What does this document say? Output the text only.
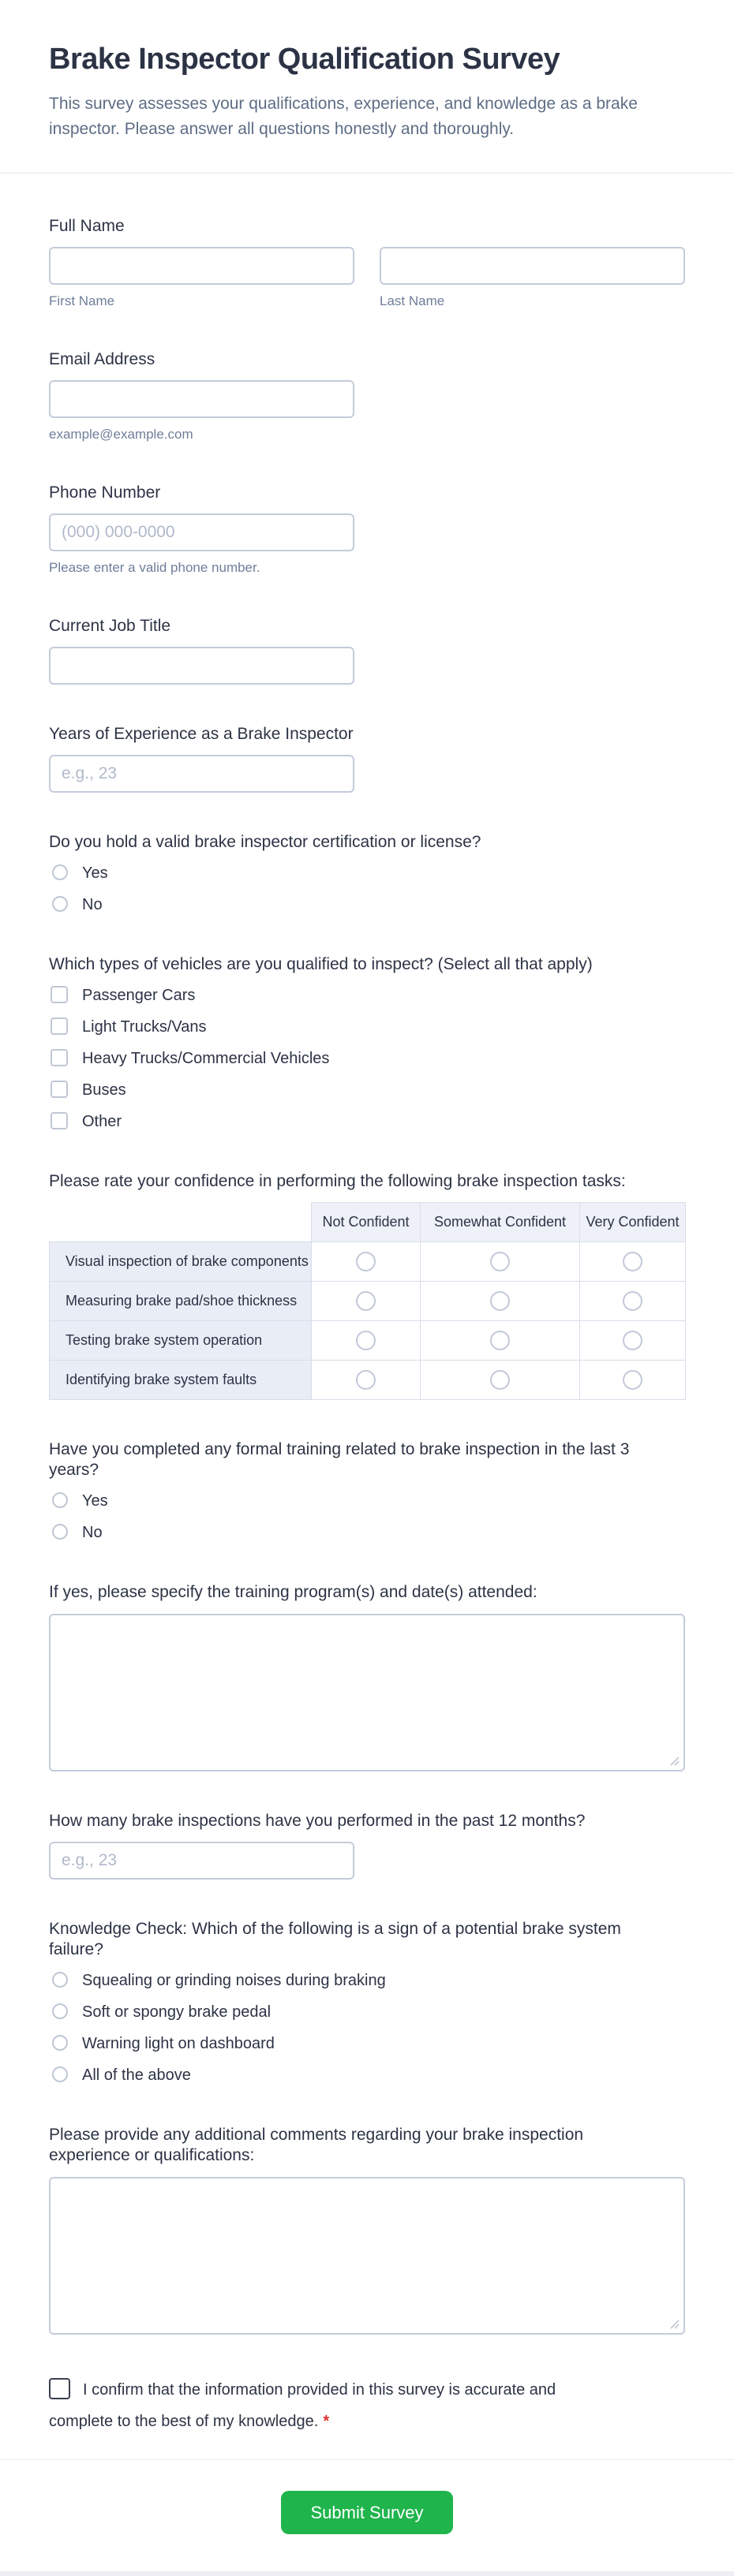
Brake Inspector Qualification Survey

This survey assesses your qualifications, experience, and knowledge as a brake inspector. Please answer all questions honestly and thoroughly.

Full Name
First Name	Last Name
Email Address
example@example.com
Phone Number
(000) 000-0000
Please enter a valid phone number.
Current Job Title
Years of Experience as a Brake Inspector
e.g., 23
Do you hold a valid brake inspector certification or license?
Yes
No
Which types of vehicles are you qualified to inspect? (Select all that apply)
Passenger Cars
Light Trucks/Vans
Heavy Trucks/Commercial Vehicles
Buses
Other
Please rate your confidence in performing the following brake inspection tasks:
	Not Confident	Somewhat Confident	Very Confident
Visual inspection of brake components			
Measuring brake pad/shoe thickness			
Testing brake system operation			
Identifying brake system faults			
Have you completed any formal training related to brake inspection in the last 3 years?
Yes
No
If yes, please specify the training program(s) and date(s) attended:
How many brake inspections have you performed in the past 12 months?
e.g., 23
Knowledge Check: Which of the following is a sign of a potential brake system failure?
Squealing or grinding noises during braking
Soft or spongy brake pedal
Warning light on dashboard
All of the above
Please provide any additional comments regarding your brake inspection experience or qualifications:
I confirm that the information provided in this survey is accurate and complete to the best of my knowledge. *
Submit Survey
